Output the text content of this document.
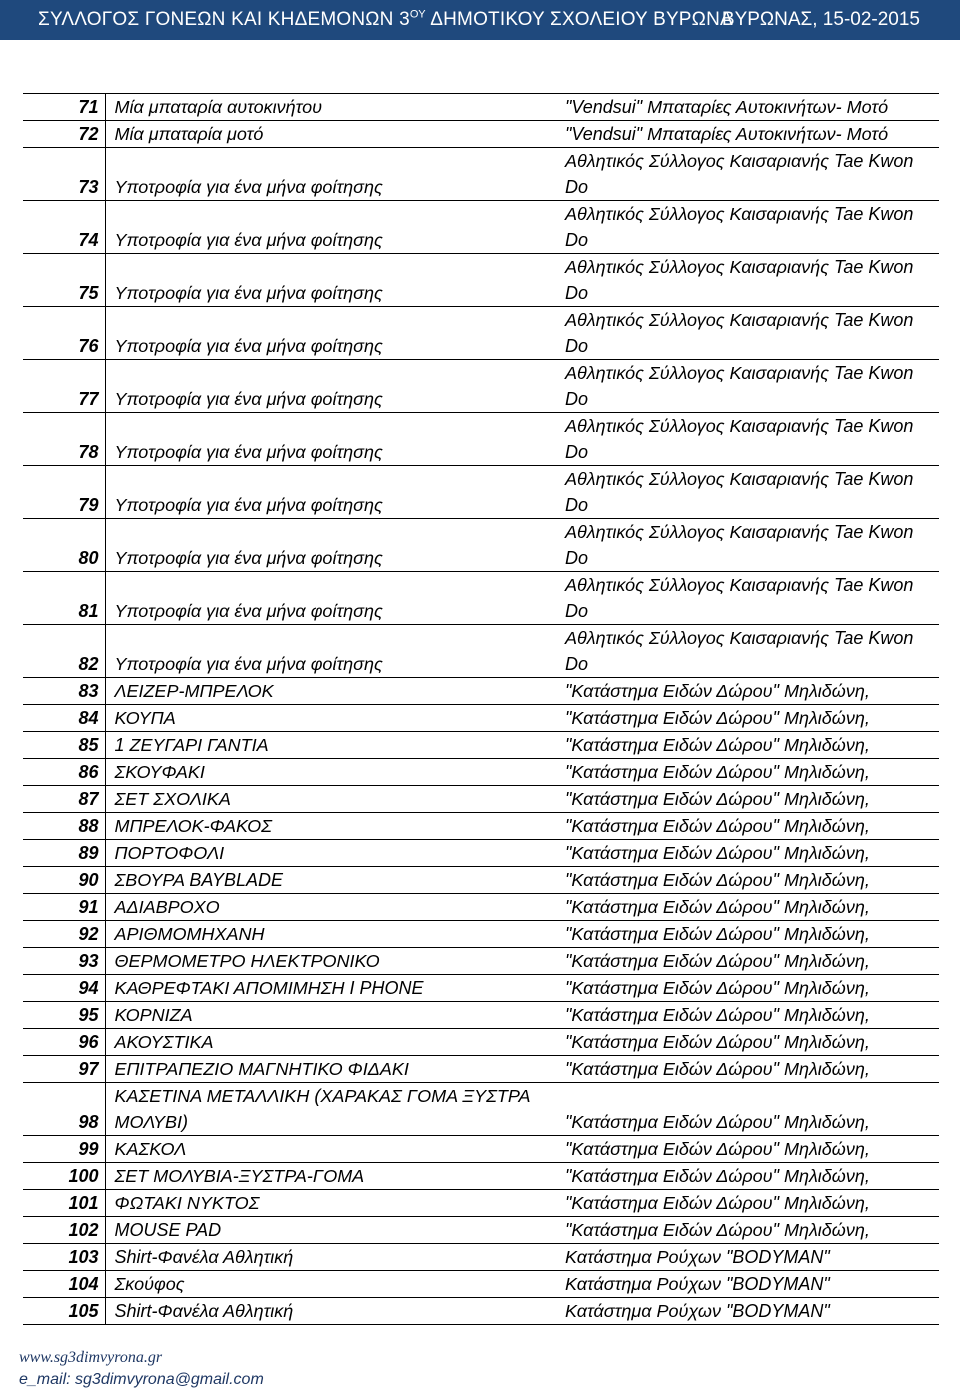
ΣΥΛΛΟΓΟΣ ΓΟΝΕΩΝ ΚΑΙ ΚΗΔΕΜΟΝΩΝ $3^{O\Upsilon}$ ΔΗΜΟΤΙΚΟΥ ΣΧΟΛΕΙΟΥ ΒΥΡΩΝΑ
ΒΥΡΩΝΑΣ, 15-02-2015
71	Μία μπαταρία αυτοκινήτου	"Vendsui" Μπαταρίες Αυτοκινήτων- Μοτό
72	Μία μπαταρία μοτό	"Vendsui" Μπαταρίες Αυτοκινήτων- Μοτό
73	Υποτροφία για ένα μήνα φοίτησης	Αθλητικός Σύλλογος Καισαριανής Tae Kwon Do
74	Υποτροφία για ένα μήνα φοίτησης	Αθλητικός Σύλλογος Καισαριανής Tae Kwon Do
75	Υποτροφία για ένα μήνα φοίτησης	Αθλητικός Σύλλογος Καισαριανής Tae Kwon Do
76	Υποτροφία για ένα μήνα φοίτησης	Αθλητικός Σύλλογος Καισαριανής Tae Kwon Do
77	Υποτροφία για ένα μήνα φοίτησης	Αθλητικός Σύλλογος Καισαριανής Tae Kwon Do
78	Υποτροφία για ένα μήνα φοίτησης	Αθλητικός Σύλλογος Καισαριανής Tae Kwon Do
79	Υποτροφία για ένα μήνα φοίτησης	Αθλητικός Σύλλογος Καισαριανής Tae Kwon Do
80	Υποτροφία για ένα μήνα φοίτησης	Αθλητικός Σύλλογος Καισαριανής Tae Kwon Do
81	Υποτροφία για ένα μήνα φοίτησης	Αθλητικός Σύλλογος Καισαριανής Tae Kwon Do
82	Υποτροφία για ένα μήνα φοίτησης	Αθλητικός Σύλλογος Καισαριανής Tae Kwon Do
83	ΛΕΙΖΕΡ-ΜΠΡΕΛΟΚ	"Κατάστημα Ειδών Δώρου" Μηλιδώνη,
84	ΚΟΥΠΑ	"Κατάστημα Ειδών Δώρου" Μηλιδώνη,
85	1 ΖΕΥΓΑΡΙ ΓΑΝΤΙΑ	"Κατάστημα Ειδών Δώρου" Μηλιδώνη,
86	ΣΚΟΥΦΑΚΙ	"Κατάστημα Ειδών Δώρου" Μηλιδώνη,
87	ΣΕΤ ΣΧΟΛΙΚΑ	"Κατάστημα Ειδών Δώρου" Μηλιδώνη,
88	ΜΠΡΕΛΟΚ-ΦΑΚΟΣ	"Κατάστημα Ειδών Δώρου" Μηλιδώνη,
89	ΠΟΡΤΟΦΟΛΙ	"Κατάστημα Ειδών Δώρου" Μηλιδώνη,
90	ΣΒΟΥΡΑ BAYBLADE	"Κατάστημα Ειδών Δώρου" Μηλιδώνη,
91	ΑΔΙΑΒΡΟΧΟ	"Κατάστημα Ειδών Δώρου" Μηλιδώνη,
92	ΑΡΙΘΜΟΜΗΧΑΝΗ	"Κατάστημα Ειδών Δώρου" Μηλιδώνη,
93	ΘΕΡΜΟΜΕΤΡΟ ΗΛΕΚΤΡΟΝΙΚΟ	"Κατάστημα Ειδών Δώρου" Μηλιδώνη,
94	ΚΑΘΡΕΦΤΑΚΙ ΑΠΟΜΙΜΗΣΗ I PHONE	"Κατάστημα Ειδών Δώρου" Μηλιδώνη,
95	ΚΟΡΝΙΖΑ	"Κατάστημα Ειδών Δώρου" Μηλιδώνη,
96	ΑΚΟΥΣΤΙΚΑ	"Κατάστημα Ειδών Δώρου" Μηλιδώνη,
97	ΕΠΙΤΡΑΠΕΖΙΟ ΜΑΓΝΗΤΙΚΟ ΦΙΔΑΚΙ	"Κατάστημα Ειδών Δώρου" Μηλιδώνη,
98	ΚΑΣΕΤΙΝΑ ΜΕΤΑΛΛΙΚΗ (ΧΑΡΑΚΑΣ ΓΟΜΑ ΞΥΣΤΡΑ ΜΟΛΥΒΙ)	"Κατάστημα Ειδών Δώρου" Μηλιδώνη,
99	ΚΑΣΚΟΛ	"Κατάστημα Ειδών Δώρου" Μηλιδώνη,
100	ΣΕΤ ΜΟΛΥΒΙΑ-ΞΥΣΤΡΑ-ΓΟΜΑ	"Κατάστημα Ειδών Δώρου" Μηλιδώνη,
101	ΦΩΤΑΚΙ ΝΥΚΤΟΣ	"Κατάστημα Ειδών Δώρου" Μηλιδώνη,
102	MOUSE PAD	"Κατάστημα Ειδών Δώρου" Μηλιδώνη,
103	Shirt-Φανέλα Αθλητική	Κατάστημα Ρούχων "BODYMAN"
104	Σκούφος	Κατάστημα Ρούχων "BODYMAN"
105	Shirt-Φανέλα Αθλητική	Κατάστημα Ρούχων "BODYMAN"
www.sg3dimvyrona.gr
e_mail: sg3dimvyrona@gmail.com
